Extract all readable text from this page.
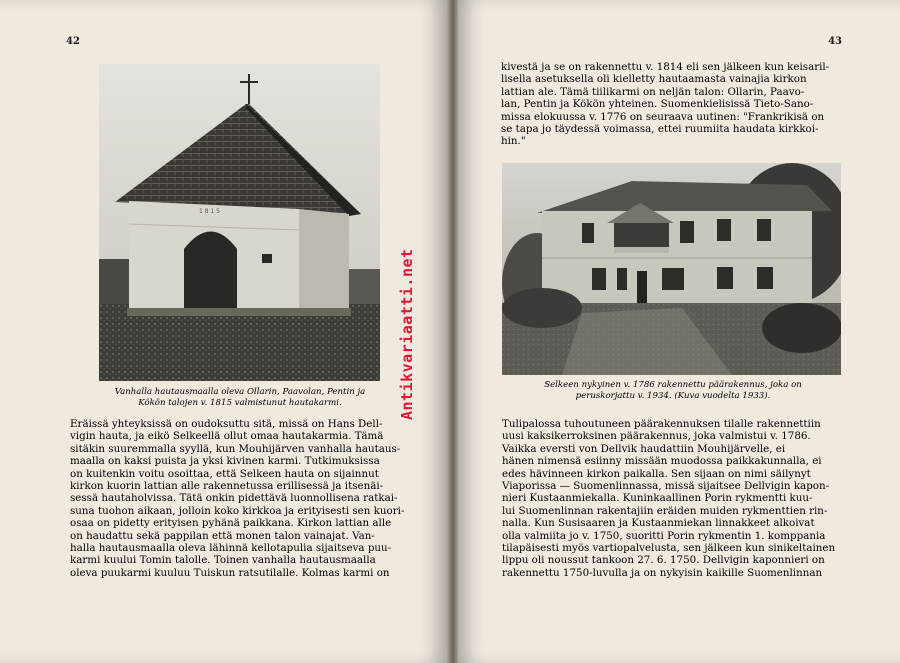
42	43
1 8 1 5

Vanhalla hautausmaalla oleva Ollarin, Paavolan, Pentin ja
Kökön talojen v. 1815 valmistunut hautakarmi.	Antikvariaatti.net
Eräissä yhteyksissä on oudoksuttu sitä, missä on Hans Dell-
vigin hauta, ja eikö Selkeellä ollut omaa hautakarmia. Tämä
sitäkin suuremmalla syyllä, kun Mouhijärven vanhalla hautaus-
maalla on kaksi puista ja yksi kivinen karmi. Tutkimuksissa
on kuitenkin voitu osoittaa, että Selkeen hauta on sijainnut
kirkon kuorin lattian alle rakennetussa erillisessä ja itsenäi-
sessä hautaholvissa. Tätä onkin pidettävä luonnollisena ratkai-
suna tuohon aikaan, jolloin koko kirkkoa ja erityisesti sen kuori-
osaa on pidetty erityisen pyhänä paikkana. Kirkon lattian alle
on haudattu sekä pappilan että monen talon vainajat. Van-
halla hautausmaalla oleva lähinnä kellotapulia sijaitseva puu-
karmi kuului Tomin talolle. Toinen vanhalla hautausmaalla
oleva puukarmi kuuluu Tuiskun ratsutilalle. Kolmas karmi on
kivestä ja se on rakennettu v. 1814 eli sen jälkeen kun keisaril-
lisella asetuksella oli kielletty hautaamasta vainajia kirkon
lattian ale. Tämä tiilikarmi on neljän talon: Ollarin, Paavo-
lan, Pentin ja Kökön yhteinen. Suomenkielisissä Tieto-Sano-
missa elokuussa v. 1776 on seuraava uutinen: "Frankrikisä on
se tapa jo täydessä voimassa, ettei ruumiita haudata kirkkoi-
hin."

Selkeen nykyinen v. 1786 rakennettu päärakennus, joka on
peruskorjattu v. 1934. (Kuva vuodelta 1933).

Tulipalossa tuhoutuneen päärakennuksen tilalle rakennettiin
uusi kaksikerroksinen päärakennus, joka valmistui v. 1786.
Vaikka eversti von Dellvik haudattiin Mouhijärvelle, ei
hänen nimensä esiinny missään muodossa paikkakunnalla, ei
edes hävinneen kirkon paikalla. Sen sijaan on nimi säilynyt
Viaporissa — Suomenlinnassa, missä sijaitsee Dellvigin kapon-
nieri Kustaanmiekalla. Kuninkaallinen Porin rykmentti kuu-
lui Suomenlinnan rakentajiin eräiden muiden rykmenttien rin-
nalla. Kun Susisaaren ja Kustaanmiekan linnakkeet alkoivat
olla valmiita jo v. 1750, suoritti Porin rykmentin 1. komppania
tilapäisesti myös vartiopalvelusta, sen jälkeen kun sinikeltainen
lippu oli noussut tankoon 27. 6. 1750. Dellvigin kaponnieri on
rakennettu 1750-luvulla ja on nykyisin kaikille Suomenlinnan
